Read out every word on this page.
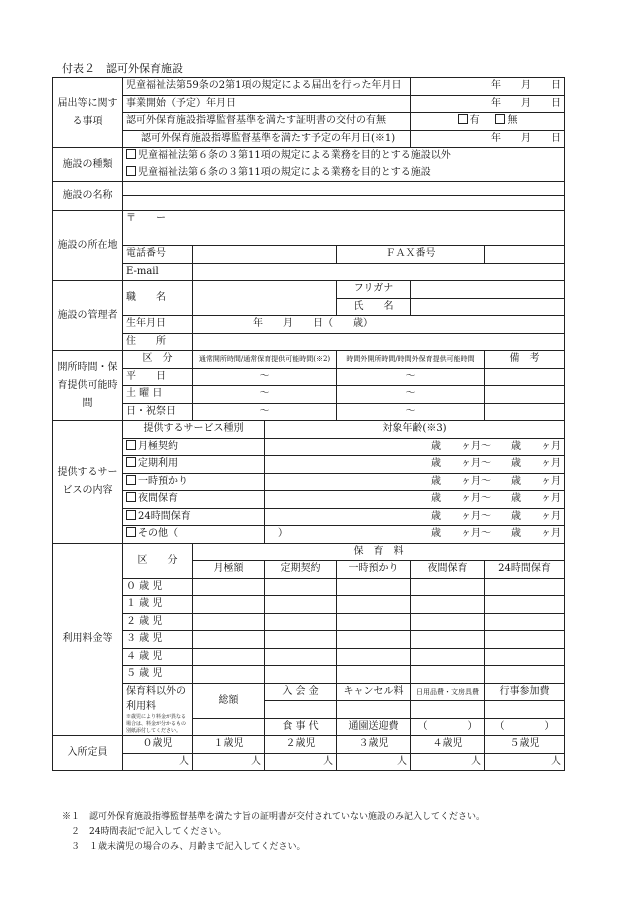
付表２　認可外保育施設
届出等に関する事項	児童福祉法第59条の2第1項の規定による届出を行った年月日				年　　月　　日	
	事業開始（予定）年月日				年　　月　　日	
	認可外保育施設指導監督基準を満たす証明書の交付の有無				有 無	
	認可外保育施設指導監督基準を満たす予定の年月日(※1)				年　　月　　日	
施設の種類	児童福祉法第６条の３第11項の規定による業務を目的とする施設以外					
	児童福祉法第６条の３第11項の規定による業務を目的とする施設					
施設の名称						

施設の所在地	〒　　ー					
	電話番号			ＦＡＸ番号		
	E-mail					
施設の管理者	職　　名			フリガナ		
				氏　　名		
	生年月日	年　　月　　日（　　歳）				
	住　　所					
開所時間・保育提供可能時間	区　分	通常開所時間/通常保育提供可能時間(※2)		時間外開所時間/時間外保育提供可能時間		備　考
	平　　日	～		～		
	土 曜 日	～		～		
	日・祝祭日	～		～		
提供するサービスの内容	提供するサービス種別		対象年齢(※3)			
	月極契約		歳　　ヶ月～　　歳　　ヶ月			
	定期利用		歳　　ヶ月～　　歳　　ヶ月			
	一時預かり		歳　　ヶ月～　　歳　　ヶ月			
	夜間保育		歳　　ヶ月～　　歳　　ヶ月			
	24時間保育		歳　　ヶ月～　　歳　　ヶ月			
	その他（　　　　　　　　　　）		歳　　ヶ月～　　歳　　ヶ月			
利用料金等	区　　分	保　育　料				
		月極額	定期契約	一時預かり	夜間保育	24時間保育
	０ 歳 児					
	１ 歳 児					
	２ 歳 児					
	３ 歳 児					
	４ 歳 児					
	５ 歳 児					

	保育料以外の利用料
※歳児により料金が異なる場合は、料金が分かるもの別紙添付してください。	総額	入 会 金	キャンセル料	日用品費・文房具費	行事参加費

			食 事 代	通園送迎費	（　　　　）	（　　　　）
入所定員	０歳児	１歳児	２歳児	３歳児	４歳児	５歳児
	人	人	人	人	人	人
※１　認可外保育施設指導監督基準を満たす旨の証明書が交付されていない施設のみ記入してください。
　２　24時間表記で記入してください。
　３　１歳未満児の場合のみ、月齢まで記入してください。
